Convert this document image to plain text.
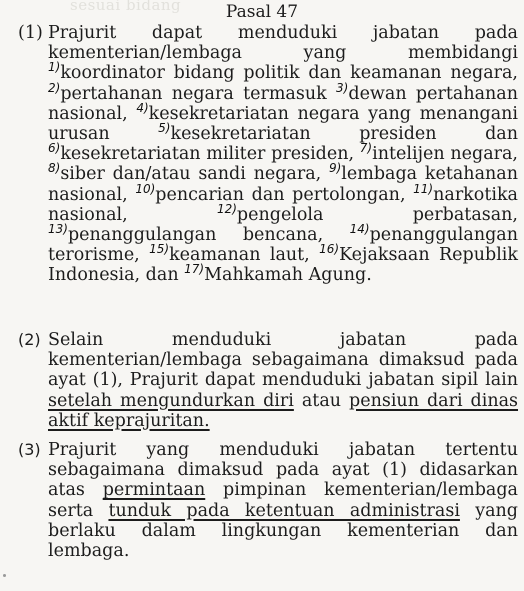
sesuai bidang	Pasal 47
(1) Prajurit dapat menduduki jabatan pada kementerian/lembaga yang membidangi $^{1)}$koordinator bidang politik dan keamanan negara, $^{2)}$pertahanan negara termasuk $^{3)}$dewan pertahanan nasional, $^{4)}$kesekretariatan negara yang menangani urusan $^{5)}$kesekretariatan presiden dan $^{6)}$kesekretariatan militer presiden, $^{7)}$intelijen negara, $^{8)}$siber dan/atau sandi negara, $^{9)}$lembaga ketahanan nasional, $^{10)}$pencarian dan pertolongan, $^{11)}$narkotika nasional, $^{12)}$pengelola perbatasan, $^{13)}$penanggulangan bencana, $^{14)}$penanggulangan terorisme, $^{15)}$keamanan laut, $^{16)}$Kejaksaan Republik Indonesia, dan $^{17)}$Mahkamah Agung.
(2) Selain menduduki jabatan pada kementerian/lembaga sebagaimana dimaksud pada ayat (1), Prajurit dapat menduduki jabatan sipil lain setelah mengundurkan diri atau pensiun dari dinas aktif keprajuritan.
(3) Prajurit yang menduduki jabatan tertentu sebagaimana dimaksud pada ayat (1) didasarkan atas permintaan pimpinan kementerian/lembaga serta tunduk pada ketentuan administrasi yang berlaku dalam lingkungan kementerian dan lembaga.
